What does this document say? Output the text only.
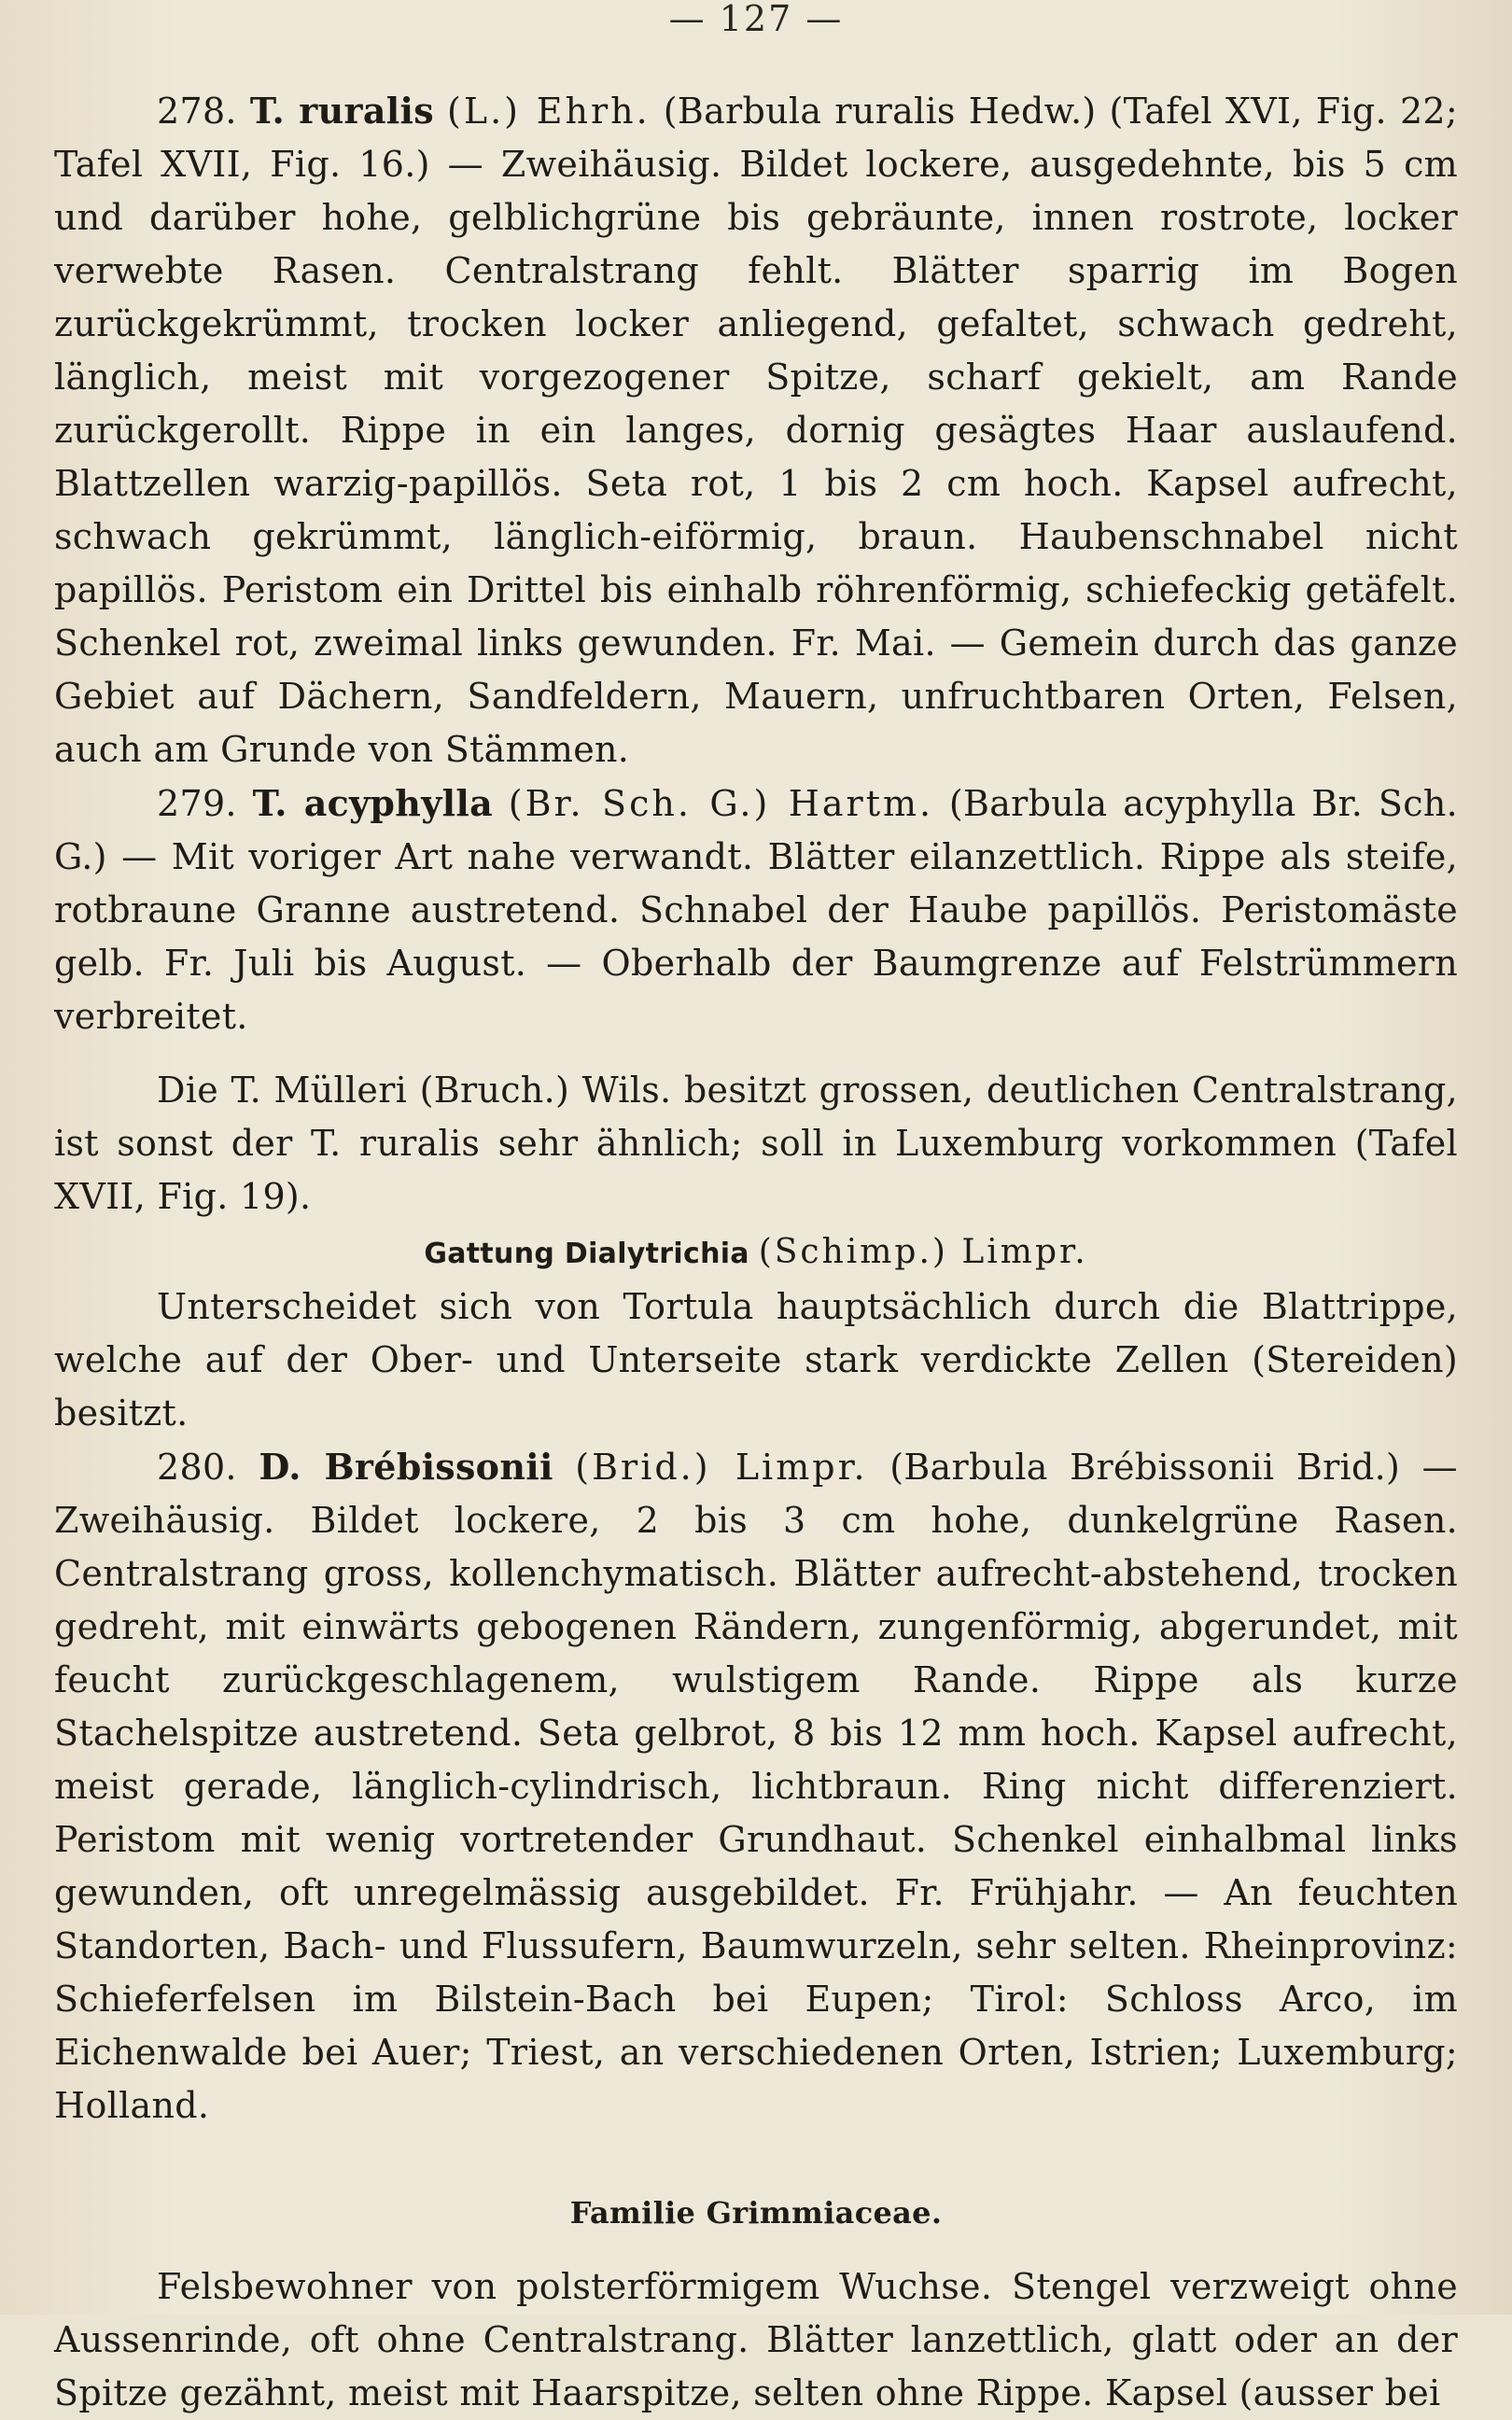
— 127 —

278. T. ruralis (L.) Ehrh. (Barbula ruralis Hedw.) (Tafel XVI, Fig. 22; Tafel XVII, Fig. 16.) — Zweihäusig. Bildet lockere, ausgedehnte, bis 5 cm und darüber hohe, gelblichgrüne bis gebräunte, innen rostrote, locker verwebte Rasen. Centralstrang fehlt. Blätter sparrig im Bogen zurückgekrümmt, trocken locker anliegend, gefaltet, schwach gedreht, länglich, meist mit vorgezogener Spitze, scharf gekielt, am Rande zurückgerollt. Rippe in ein langes, dornig gesägtes Haar auslaufend. Blattzellen warzig-papillös. Seta rot, 1 bis 2 cm hoch. Kapsel aufrecht, schwach gekrümmt, länglich-eiförmig, braun. Haubenschnabel nicht papillös. Peristom ein Drittel bis einhalb röhrenförmig, schiefeckig getäfelt. Schenkel rot, zweimal links gewunden. Fr. Mai. — Gemein durch das ganze Gebiet auf Dächern, Sandfeldern, Mauern, unfruchtbaren Orten, Felsen, auch am Grunde von Stämmen.

279. T. acyphylla (Br. Sch. G.) Hartm. (Barbula acyphylla Br. Sch. G.) — Mit voriger Art nahe verwandt. Blätter eilanzettlich. Rippe als steife, rotbraune Granne austretend. Schnabel der Haube papillös. Peristomäste gelb. Fr. Juli bis August. — Oberhalb der Baumgrenze auf Felstrümmern verbreitet.

Die T. Mülleri (Bruch.) Wils. besitzt grossen, deutlichen Centralstrang, ist sonst der T. ruralis sehr ähnlich; soll in Luxemburg vorkommen (Tafel XVII, Fig. 19).

Gattung Dialytrichia (Schimp.) Limpr.

Unterscheidet sich von Tortula hauptsächlich durch die Blattrippe, welche auf der Ober- und Unterseite stark verdickte Zellen (Stereiden) besitzt.

280. D. Brébissonii (Brid.) Limpr. (Barbula Brébissonii Brid.) — Zweihäusig. Bildet lockere, 2 bis 3 cm hohe, dunkelgrüne Rasen. Centralstrang gross, kollenchymatisch. Blätter aufrecht-abstehend, trocken gedreht, mit einwärts gebogenen Rändern, zungenförmig, abgerundet, mit feucht zurückgeschlagenem, wulstigem Rande. Rippe als kurze Stachelspitze austretend. Seta gelbrot, 8 bis 12 mm hoch. Kapsel aufrecht, meist gerade, länglich-cylindrisch, lichtbraun. Ring nicht differenziert. Peristom mit wenig vortretender Grundhaut. Schenkel einhalbmal links gewunden, oft unregelmässig ausgebildet. Fr. Frühjahr. — An feuchten Standorten, Bach- und Flussufern, Baumwurzeln, sehr selten. Rheinprovinz: Schieferfelsen im Bilstein-Bach bei Eupen; Tirol: Schloss Arco, im Eichenwalde bei Auer; Triest, an verschiedenen Orten, Istrien; Luxemburg; Holland.

Familie Grimmiaceae.

Felsbewohner von polsterförmigem Wuchse. Stengel verzweigt ohne Aussenrinde, oft ohne Centralstrang. Blätter lanzettlich, glatt oder an der Spitze gezähnt, meist mit Haarspitze, selten ohne Rippe. Kapsel (ausser bei
